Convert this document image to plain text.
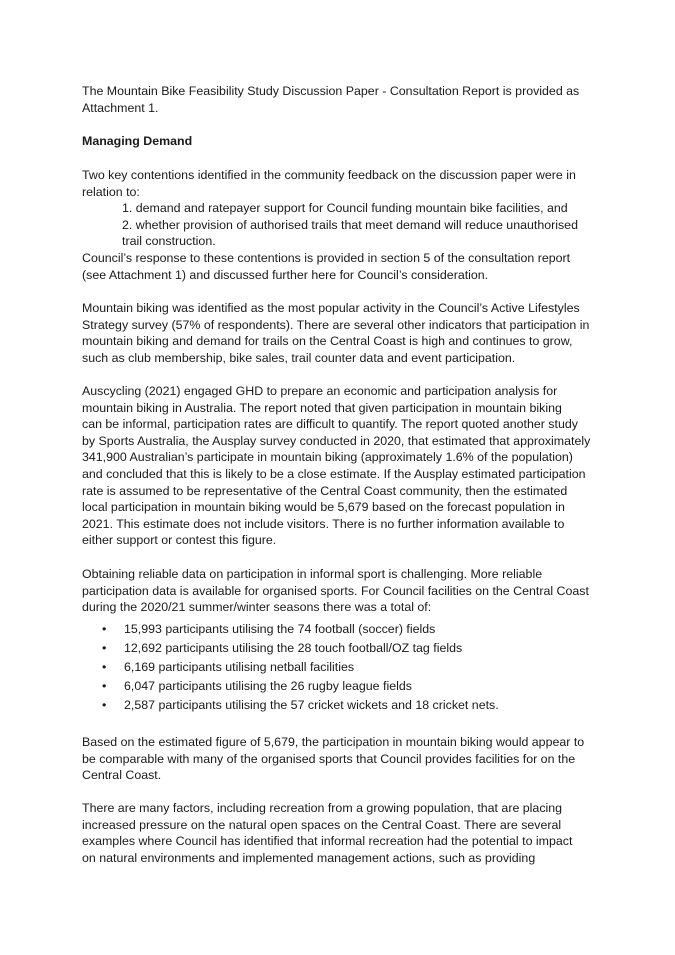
The Mountain Bike Feasibility Study Discussion Paper - Consultation Report is provided as
Attachment 1.
Managing Demand
Two key contentions identified in the community feedback on the discussion paper were in
relation to:
1. demand and ratepayer support for Council funding mountain bike facilities, and
2. whether provision of authorised trails that meet demand will reduce unauthorised
trail construction.
Council’s response to these contentions is provided in section 5 of the consultation report
(see Attachment 1) and discussed further here for Council’s consideration.
Mountain biking was identified as the most popular activity in the Council’s Active Lifestyles
Strategy survey (57% of respondents). There are several other indicators that participation in
mountain biking and demand for trails on the Central Coast is high and continues to grow,
such as club membership, bike sales, trail counter data and event participation.
Auscycling (2021) engaged GHD to prepare an economic and participation analysis for
mountain biking in Australia. The report noted that given participation in mountain biking
can be informal, participation rates are difficult to quantify. The report quoted another study
by Sports Australia, the Ausplay survey conducted in 2020, that estimated that approximately
341,900 Australian’s participate in mountain biking (approximately 1.6% of the population)
and concluded that this is likely to be a close estimate. If the Ausplay estimated participation
rate is assumed to be representative of the Central Coast community, then the estimated
local participation in mountain biking would be 5,679 based on the forecast population in
2021. This estimate does not include visitors. There is no further information available to
either support or contest this figure.
Obtaining reliable data on participation in informal sport is challenging. More reliable
participation data is available for organised sports. For Council facilities on the Central Coast
during the 2020/21 summer/winter seasons there was a total of:
• 15,993 participants utilising the 74 football (soccer) fields
• 12,692 participants utilising the 28 touch football/OZ tag fields
• 6,169 participants utilising netball facilities
• 6,047 participants utilising the 26 rugby league fields
• 2,587 participants utilising the 57 cricket wickets and 18 cricket nets.
Based on the estimated figure of 5,679, the participation in mountain biking would appear to
be comparable with many of the organised sports that Council provides facilities for on the
Central Coast.
There are many factors, including recreation from a growing population, that are placing
increased pressure on the natural open spaces on the Central Coast. There are several
examples where Council has identified that informal recreation had the potential to impact
on natural environments and implemented management actions, such as providing
